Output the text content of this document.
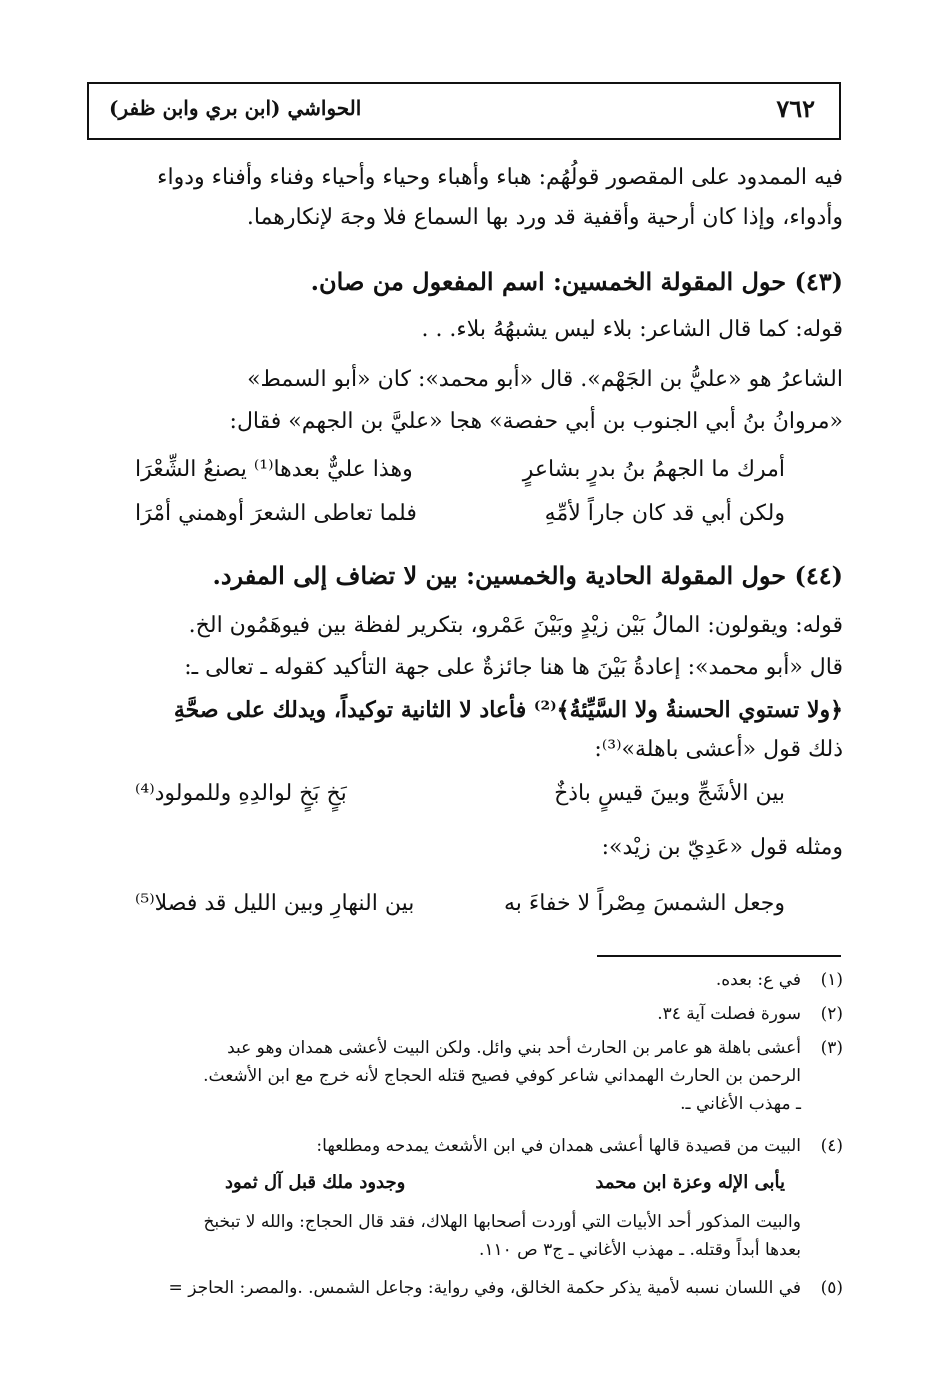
٧٦٢
الحواشي (ابن بري وابن ظفر)
فيه الممدود على المقصور قولُهُم: هباء وأهباء وحياء وأحياء وفناء وأفناء ودواء
وأدواء، وإذا كان أرحية وأقفية قد ورد بها السماع فلا وجهَ لإنكارهما.
(٤٣) حول المقولة الخمسين: اسم المفعول من صان.
قوله: كما قال الشاعر: بلاء ليس يشبهُهُ بلاء. . .
الشاعرُ هو «عليُّ بن الجَهْم». قال «أبو محمد»: كان «أبو السمط»
«مروانُ بنُ أبي الجنوب بن أبي حفصة» هجا «عليَّ بن الجهم» فقال:
أمرك ما الجهمُ بنُ بدرٍ بشاعرٍ
وهذا عليٌّ بعدها⁽¹⁾ يصنعُ الشِّعْرَا
ولكن أبي قد كان جاراً لأمِّهِ
فلما تعاطى الشعرَ أوهمني أمْرَا
(٤٤) حول المقولة الحادية والخمسين: بين لا تضاف إلى المفرد.
قوله: ويقولون: المالُ بَيْن زيْدٍ وبَيْنَ عَمْرو، بتكرير لفظة بين فيوهَمُون الخ.
قال «أبو محمد»: إعادةُ بَيْنَ ها هنا جائزةٌ على جهة التأكيد كقوله ـ تعالى ـ:
﴿ولا تستوي الحسنةُ ولا السَّيِّئةُ﴾⁽²⁾ فأعاد لا الثانية توكيداً، ويدلك على صحَّةِ
ذلك قول «أعشى باهلة»⁽³⁾:
بين الأشَجِّ وبينَ قيسٍ باذخٌ
بَخٍ بَخٍ لوالدِهِ وللمولود⁽⁴⁾
ومثله قول «عَدِيّ بن زيْد»:
وجعل الشمسَ مِصْراً لا خفاءَ به
بين النهارِ وبين الليل قد فصلا⁽⁵⁾
(١)
في ع: بعده.
(٢)
سورة فصلت آية ٣٤.
(٣)
أعشى باهلة هو عامر بن الحارث أحد بني وائل. ولكن البيت لأعشى همدان وهو عبد
الرحمن بن الحارث الهمداني شاعر كوفي فصيح قتله الحجاج لأنه خرج مع ابن الأشعث.
ـ مهذب الأغاني ـ.
(٤)
البيت من قصيدة قالها أعشى همدان في ابن الأشعث يمدحه ومطلعها:
يأبى الإله وعزة ابن محمد
وجدود ملك قبل آل ثمود
والبيت المذكور أحد الأبيات التي أوردت أصحابها الهلاك، فقد قال الحجاج: والله لا تبخبخ
بعدها أبداً وقتله. ـ مهذب الأغاني ـ ج٣ ص ١١٠.
(٥)
في اللسان نسبه لأمية يذكر حكمة الخالق، وفي رواية: وجاعل الشمس. .والمصر: الحاجز =
